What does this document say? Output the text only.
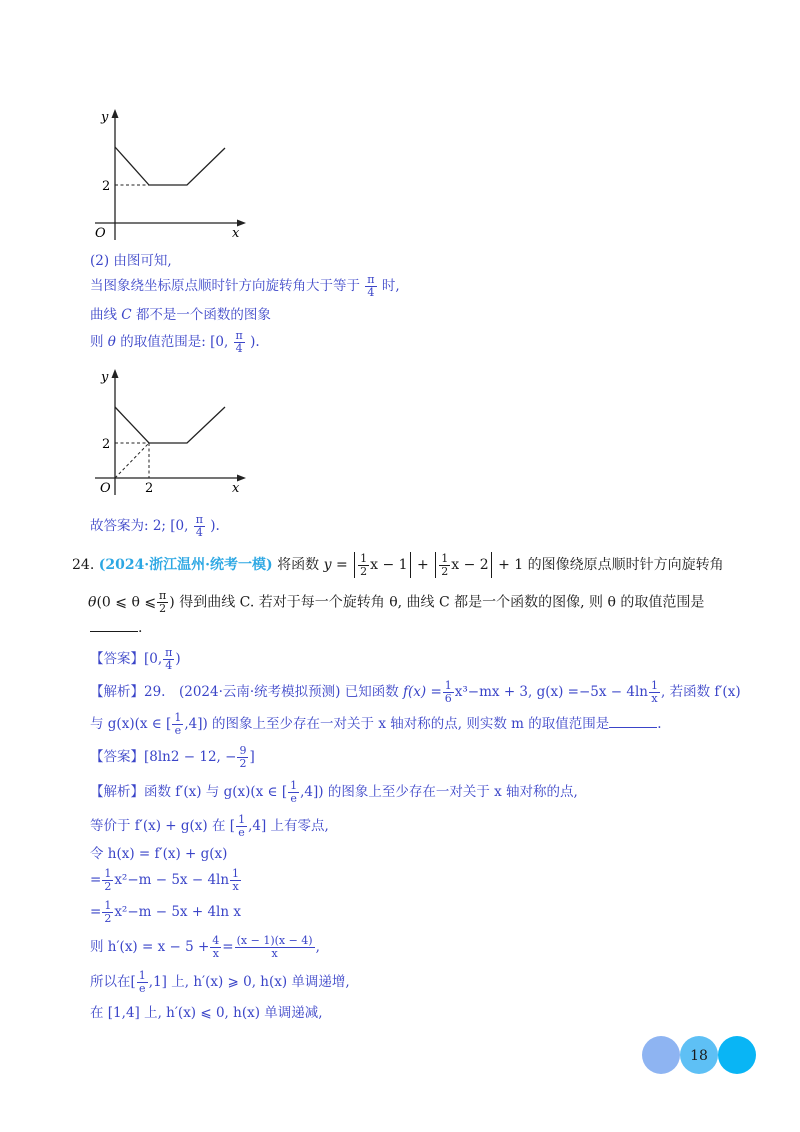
y
x
O
2
(2) 由图可知,
当图象绕坐标原点顺时针方向旋转角大于等于 $\frac{\pi}{4}$ 时,
曲线 C 都不是一个函数的图象
则 θ 的取值范围是: [0, $\frac{\pi}{4}$ ).
y
x
O
2
2
故答案为: 2; [0, $\frac{\pi}{4}$ ).
24. (2024·浙江温州·统考一模) 将函数 $y = \frac{1}{2}$ $x - 1 + \frac{1}{2}$ x − 2 + 1 的图像绕原点顺时针方向旋转角
θ(0 ⩽ θ ⩽ $\frac{\pi}{2}$ ) 得到曲线 C. 若对于每一个旋转角 θ, 曲线 C 都是一个函数的图像, 则 θ 的取值范围是
.
【答案】[0, $\frac{\pi}{4}$ )
【解析】29.　(2024·云南·统考模拟预测) 已知函数 $f(x) = \frac{1}{6} x^3-mx + 3$, $g(x) =-5x - 4\ln \frac{1}{x}$ , 若函数 f′(x)
与 g(x)(x ∈ [ $\frac{1}{e} ,4$]) 的图象上至少存在一对关于 x 轴对称的点, 则实数 m 的取值范围是	.
【答案】[8ln2 − 12, − $\frac{9}{2}$ ]
【解析】函数 f′(x) 与 g(x)(x ∈ [ $\frac{1}{e} ,4$]) 的图象上至少存在一对关于 x 轴对称的点,
等价于 f′(x) + g(x) 在 [ $\frac{1}{e} ,4$] 上有零点,
令 h(x) = f′(x) + g(x)
= $\frac{1}{2} x^2-m - 5x - 4\ln \frac{1}{x}$
= $\frac{1}{2} x^2-m - 5x + 4\ln$ x
则 $h'(x) = x - 5 + \frac{4}{x} = \frac{(x - 1)(x - 4)}{x}$ ,
所以在[ $\frac{1}{e} ,1$] 上, h′(x) ⩾ 0, h(x) 单调递增,
在 [1,4] 上, h′(x) ⩽ 0, h(x) 单调递减,
18
